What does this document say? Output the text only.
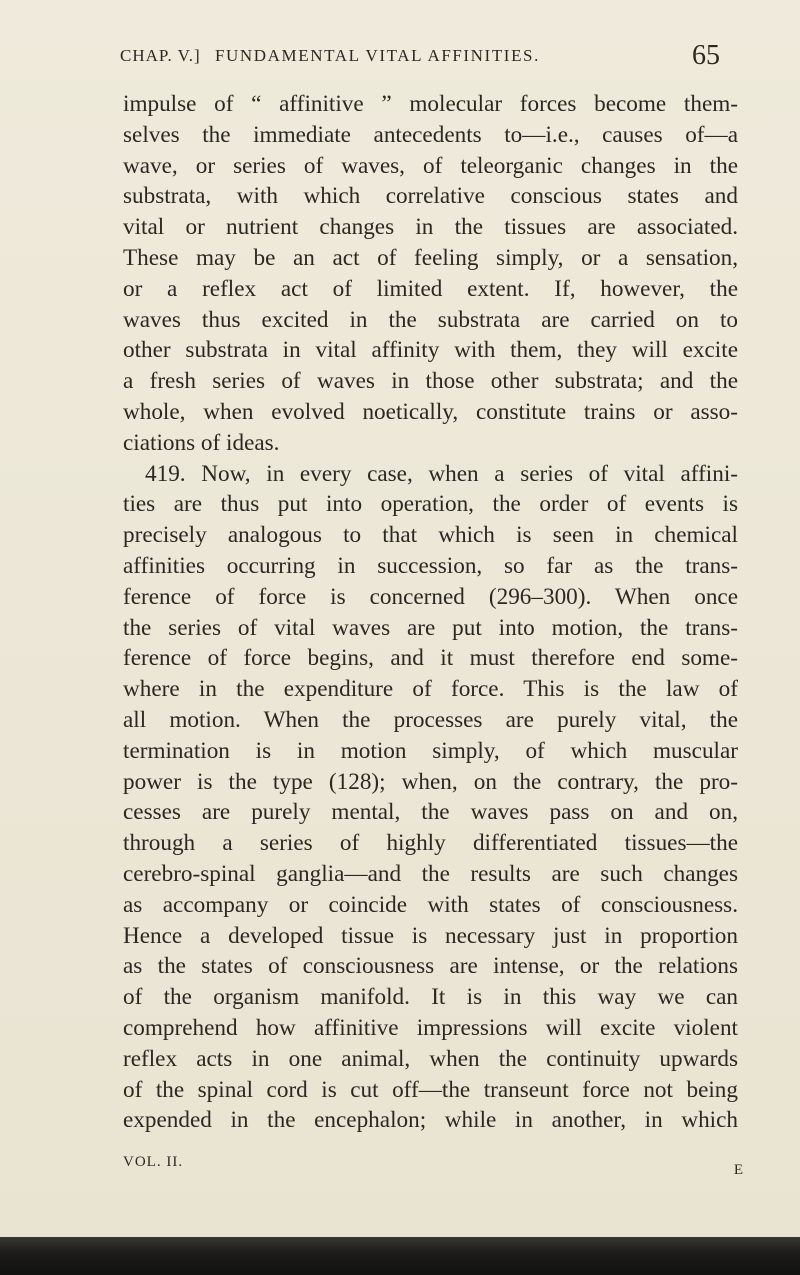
CHAP. V.] FUNDAMENTAL VITAL AFFINITIES.	65
impulse of “ affinitive ” molecular forces become them-
selves the immediate antecedents to—i.e., causes of—a
wave, or series of waves, of teleorganic changes in the
substrata, with which correlative conscious states and
vital or nutrient changes in the tissues are associated.
These may be an act of feeling simply, or a sensation,
or a reflex act of limited extent. If, however, the
waves thus excited in the substrata are carried on to
other substrata in vital affinity with them, they will excite
a fresh series of waves in those other substrata; and the
whole, when evolved noetically, constitute trains or asso-
ciations of ideas.
419. Now, in every case, when a series of vital affini-
ties are thus put into operation, the order of events is
precisely analogous to that which is seen in chemical
affinities occurring in succession, so far as the trans-
ference of force is concerned (296–300). When once
the series of vital waves are put into motion, the trans-
ference of force begins, and it must therefore end some-
where in the expenditure of force. This is the law of
all motion. When the processes are purely vital, the
termination is in motion simply, of which muscular
power is the type (128); when, on the contrary, the pro-
cesses are purely mental, the waves pass on and on,
through a series of highly differentiated tissues—the
cerebro-spinal ganglia—and the results are such changes
as accompany or coincide with states of consciousness.
Hence a developed tissue is necessary just in proportion
as the states of consciousness are intense, or the relations
of the organism manifold. It is in this way we can
comprehend how affinitive impressions will excite violent
reflex acts in one animal, when the continuity upwards
of the spinal cord is cut off—the transeunt force not being
expended in the encephalon; while in another, in which
VOL. II.	E
